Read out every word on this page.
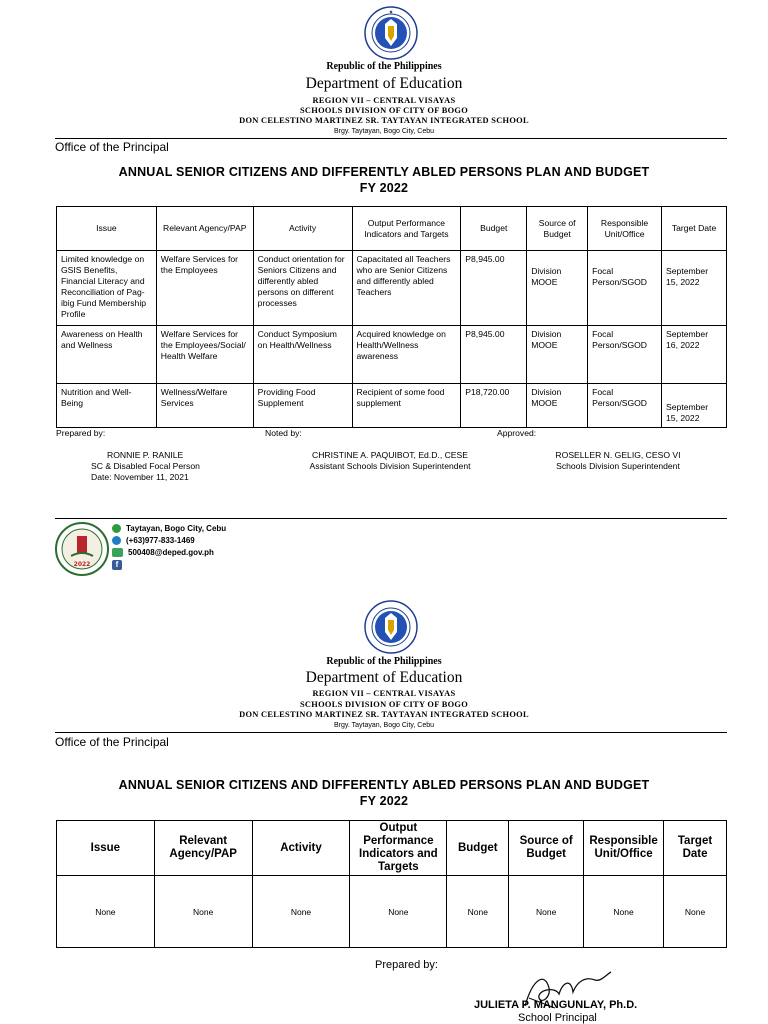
◆
Republic of the Philippines
Department of Education
REGION VII – CENTRAL VISAYAS
SCHOOLS DIVISION OF CITY OF BOGO
DON CELESTINO MARTINEZ SR. TAYTAYAN INTEGRATED SCHOOL
Brgy. Taytayan, Bogo City, Cebu
Office of the Principal
ANNUAL SENIOR CITIZENS AND DIFFERENTLY ABLED PERSONS PLAN AND BUDGET
FY 2022
Issue	Relevant Agency/PAP	Activity	Output Performance Indicators and Targets	Budget	Source of Budget	Responsible Unit/Office	Target Date
Limited knowledge on GSIS Benefits, Financial Literacy and Reconciliation of Pag-ibig Fund Membership Profile	Welfare Services for the Employees	Conduct orientation for Seniors Citizens and differently abled persons on different processes	Capacitated all Teachers who are Senior Citizens and differently abled Teachers	P8,945.00	Division MOOE	Focal Person/SGOD	September 15, 2022
Awareness on Health and Wellness	Welfare Services for the Employees/Social/ Health Welfare	Conduct Symposium on Health/Wellness	Acquired knowledge on Health/Wellness awareness	P8,945.00	Division MOOE	Focal Person/SGOD	September 16, 2022
Nutrition and Well-Being	Wellness/Welfare Services	Providing Food Supplement	Recipient of some food supplement	P18,720.00	Division MOOE	Focal Person/SGOD	September 15, 2022
Prepared by:	Noted by:	Approved:
RONNIE P. RANILE
SC & Disabled Focal Person
Date: November 11, 2021
CHRISTINE A. PAQUIBOT, Ed.D., CESE
Assistant Schools Division Superintendent
ROSELLER N. GELIG, CESO VI
Schools Division Superintendent
2022
Taytayan, Bogo City, Cebu
(+63)977-833-1469
500408@deped.gov.ph
f
Republic of the Philippines
Department of Education
REGION VII – CENTRAL VISAYAS
SCHOOLS DIVISION OF CITY OF BOGO
DON CELESTINO MARTINEZ SR. TAYTAYAN INTEGRATED SCHOOL
Brgy. Taytayan, Bogo City, Cebu
Office of the Principal
ANNUAL SENIOR CITIZENS AND DIFFERENTLY ABLED PERSONS PLAN AND BUDGET
FY 2022
Issue	Relevant Agency/PAP	Activity	Output Performance Indicators and Targets	Budget	Source of Budget	Responsible Unit/Office	Target Date
None	None	None	None	None	None	None	None
Prepared by:
JULIETA P. MANGUNLAY, Ph.D.
School Principal
